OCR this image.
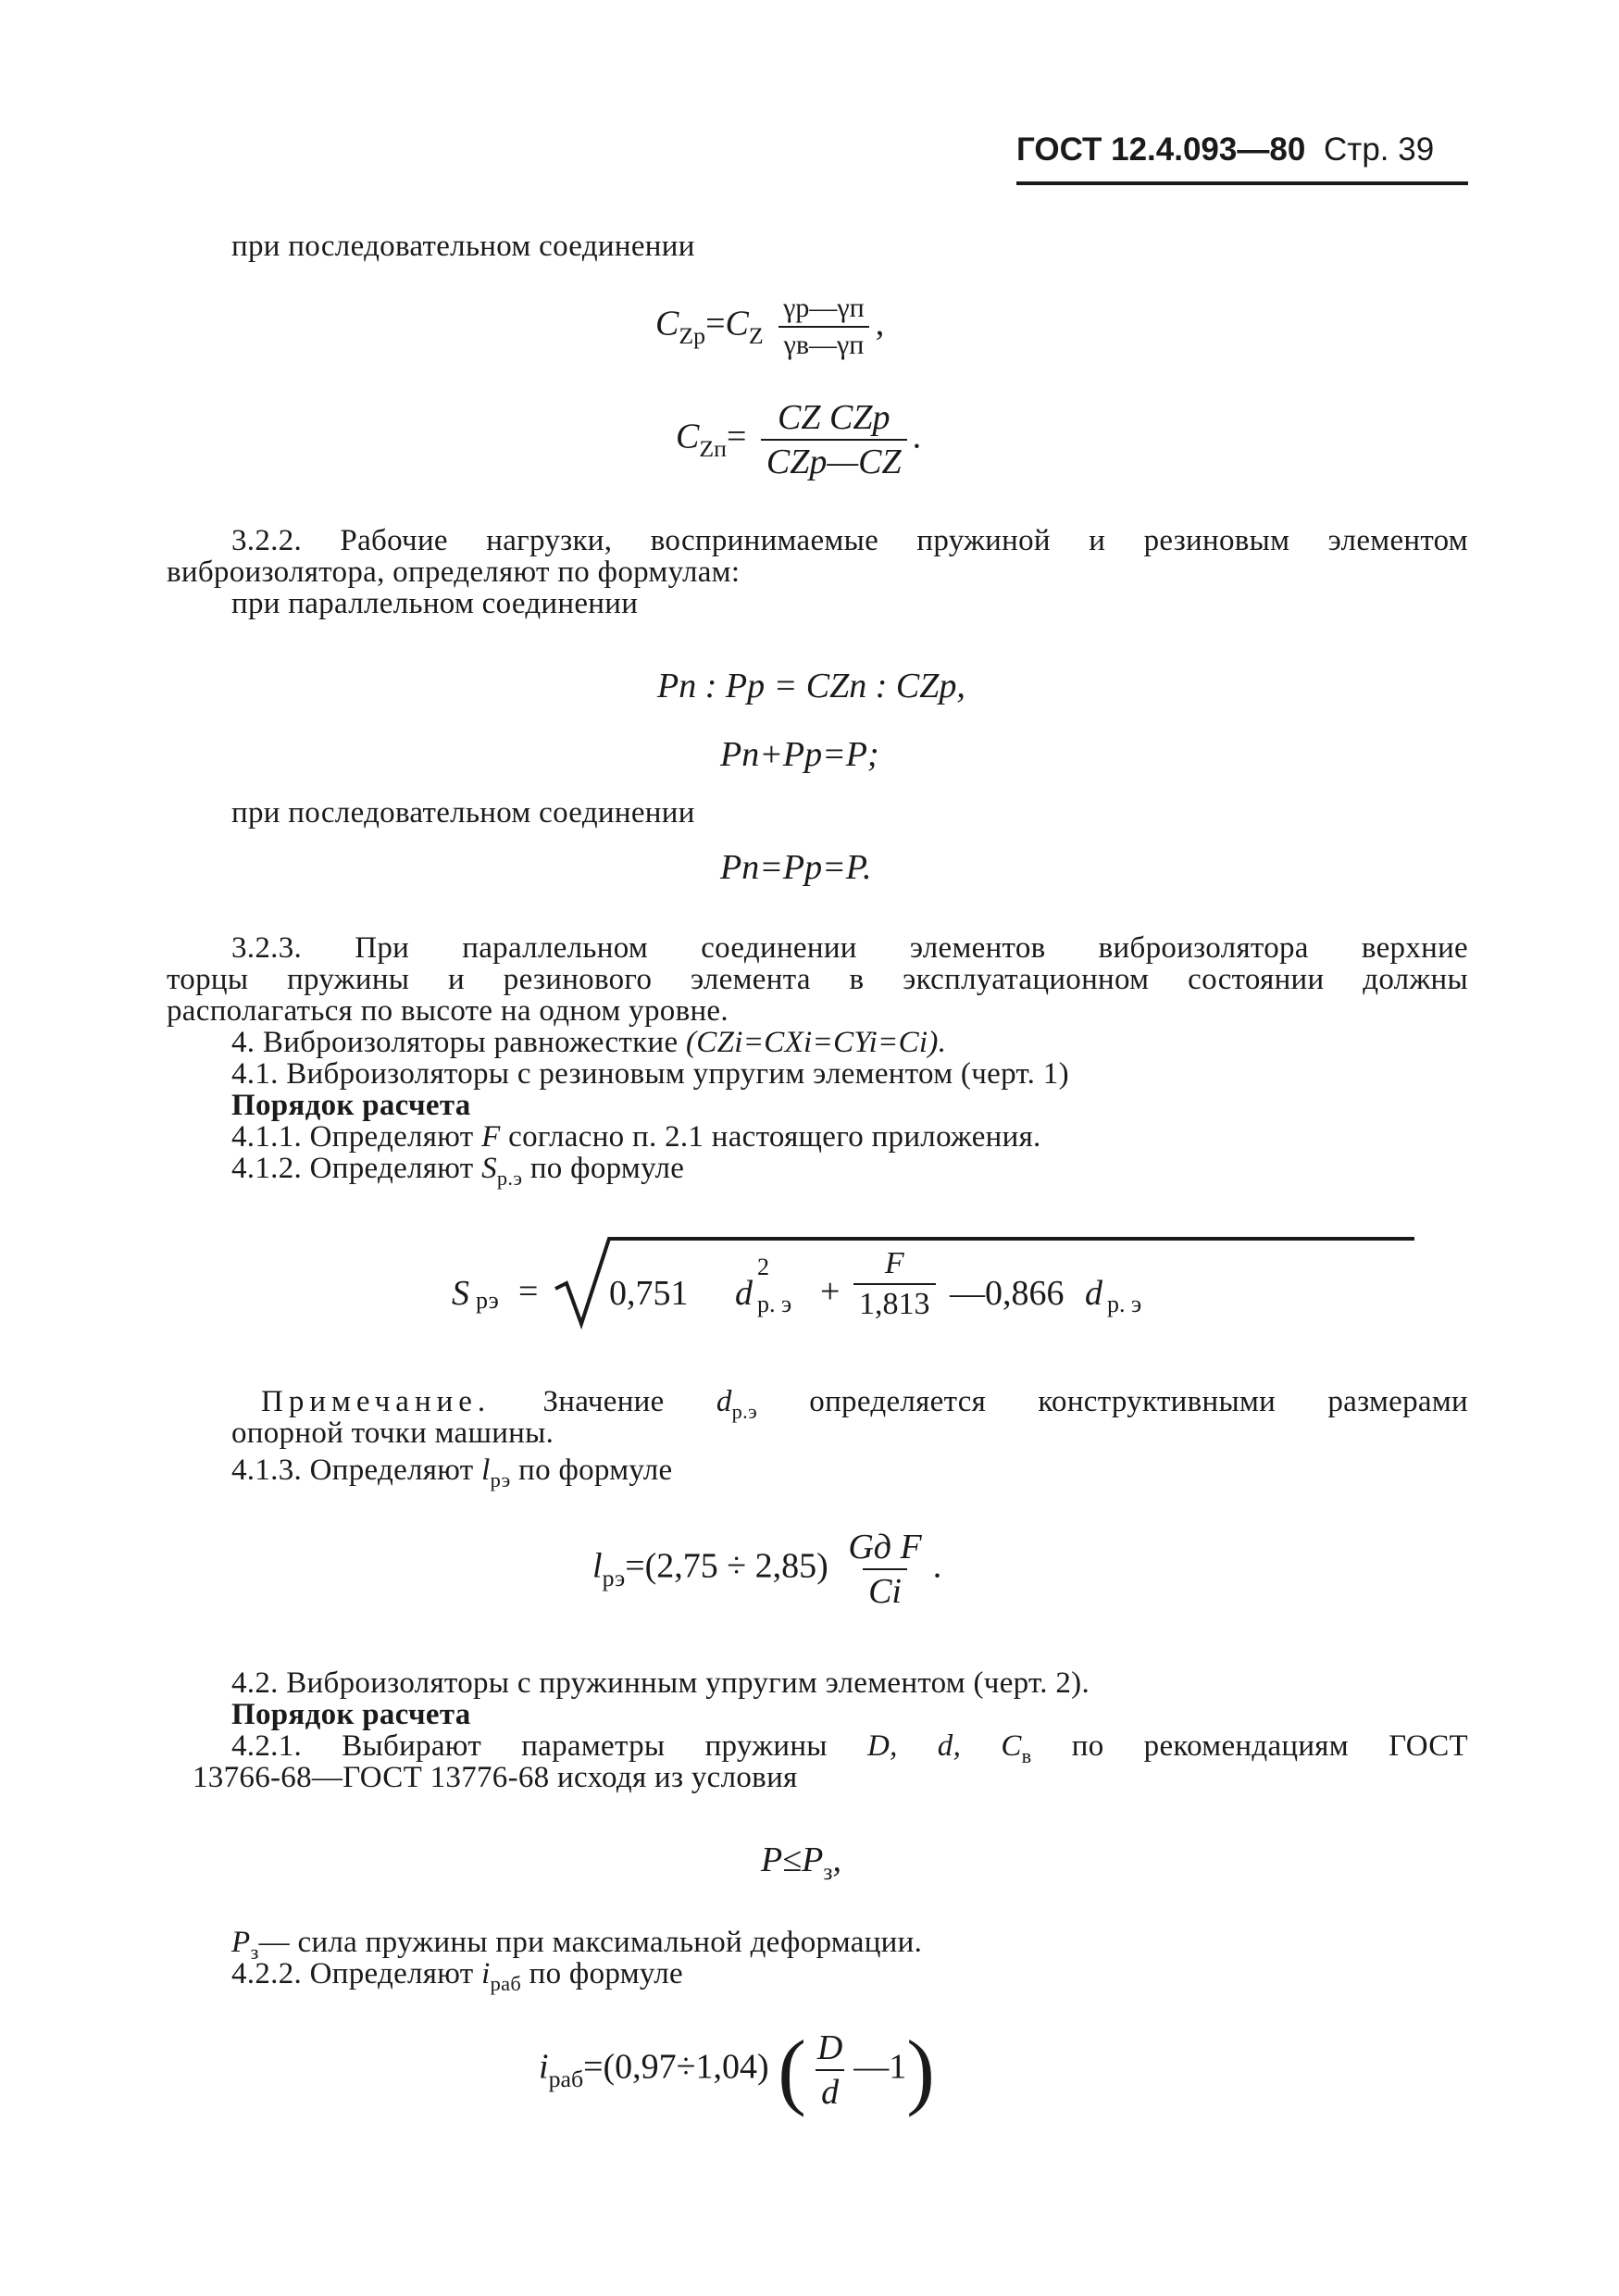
ГОСТ 12.4.093—80 Стр. 39
при последовательном соединении
$C_{Zр}=C_Z \frac{\gamma р—\gamma п}{\gamma в—\gamma п}$ ,
$C_{Zп}= \frac{\text{CZ CZр}}{\text{CZр—CZ}}$ .
3.2.2. Рабочие нагрузки, воспринимаемые пружиной и резиновым элементом
виброизолятора, определяют по формулам:
при параллельном соединении
Pп : Pр = CZп : CZр,
Pп+Pр=P;
при последовательном соединении
Pп=Pр=P.
3.2.3. При параллельном соединении элементов виброизолятора верхние
торцы пружины и резинового элемента в эксплуатационном состоянии должны
располагаться по высоте на одном уровне.
4. Виброизоляторы равножесткие (CZi=CXi=CYi=Ci).
4.1. Виброизоляторы с резиновым упругим элементом (черт. 1)
Порядок расчета
4.1.1. Определяют F согласно п. 2.1 настоящего приложения.
4.1.2. Определяют $S_{р.э}$ по формуле
S рэ = 0,751 d
2
р. $э + \frac{F}{1,813}$ —0,866 d р. э
Примечание. Значение $d_{р.э}$ определяется конструктивными размерами
опорной точки машины.
4.1.3. Определяют $l_{рэ}$ по формуле
$l_{рэ}=(2,75 \div 2,85) \frac{\text{Gд F}}{Ci}$ .
4.2. Виброизоляторы с пружинным упругим элементом (черт. 2).
Порядок расчета
4.2.1. Выбирают параметры пружины D, d, $C_в$ по рекомендациям ГОСТ
13766-68—ГОСТ 13776-68 исходя из условия
$P\le P_з$,
$P_з—$ сила пружины при максимальной деформации.
4.2.2. Определяют $i_{раб}$ по формуле
$i_{раб}=(0,97\div 1,04)$ ( $\frac{D}{d}$ —1)
